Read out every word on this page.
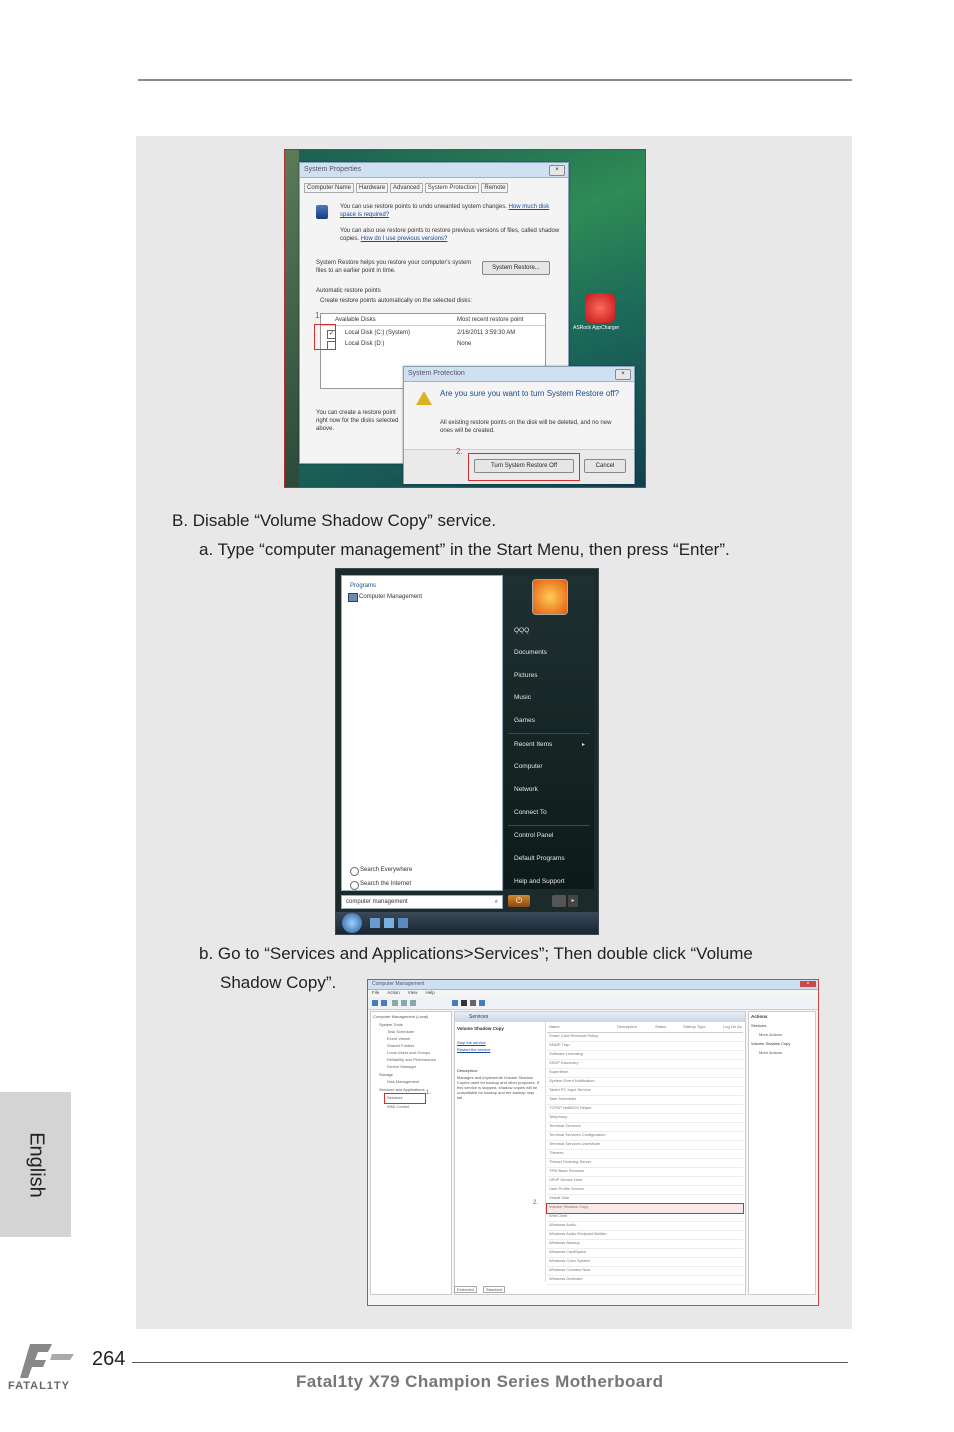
System Properties	×
Computer Name	Hardware	Advanced	System Protection	Remote
You can use restore points to undo unwanted system changes. How much disk space is required?
You can also use restore points to restore previous versions of files, called shadow copies. How do I use previous versions?
System Restore helps you restore your computer's system files to an earlier point in time.	System Restore...
Automatic restore points
Create restore points automatically on the selected disks:
Available Disks	Most recent restore point
✓	Local Disk (C:) (System)	2/16/2011 3:59:30 AM
Local Disk (D:)	None
1.
You can create a restore point right now for the disks selected above.
ASRock AppCharger
System Protection	×
Are you sure you want to turn System Restore off?
All existing restore points on the disk will be deleted, and no new ones will be created.
2.
Turn System Restore Off	Cancel
B. Disable “Volume Shadow Copy” service.
a. Type “computer management” in the Start Menu, then press “Enter”.
Programs
Computer Management
Search Everywhere
Search the Internet
computer management	⌕
QQQ
Documents
Pictures
Music
Games
Recent Items	▸
Computer
Network
Connect To
Control Panel
Default Programs
Help and Support
⏻	▸
b. Go to “Services and Applications>Services”; Then double click “Volume
Shadow Copy”.	Computer Management	×
File Action View Help
Computer Management (Local)
System Tools
Task Scheduler
Event Viewer
Shared Folders
Local Users and Groups
Reliability and Performance
Device Manager
Storage
Disk Management
Services and Applications
Services
1.
WMI Control
Services
Volume Shadow Copy
Stop the service
Restart the service
Description:
Manages and implements Volume Shadow Copies used for backup and other purposes. If this service is stopped, shadow copies will be unavailable for backup and the backup may fail.
Name	Description	Status	Startup Type	Log On As
Smart Card Removal Policy
SNMP Trap
Software Licensing
SSDP Discovery
Superfetch
System Event Notification
Tablet PC Input Service
Task Scheduler
TCP/IP NetBIOS Helper
Telephony
Terminal Services
Terminal Services Configuration
Terminal Services UserMode
Themes
Thread Ordering Server
TPM Base Services
UPnP Device Host
User Profile Service
Virtual Disk
Volume Shadow Copy
2.
WebClient
Windows Audio
Windows Audio Endpoint Builder
Windows Backup
Windows CardSpace
Windows Color System
Windows Connect Now
Windows Defender
Actions
Services
More Actions
Volume Shadow Copy
More Actions
Extended	Standard
English
FATAL1TY
264
Fatal1ty X79 Champion Series Motherboard
